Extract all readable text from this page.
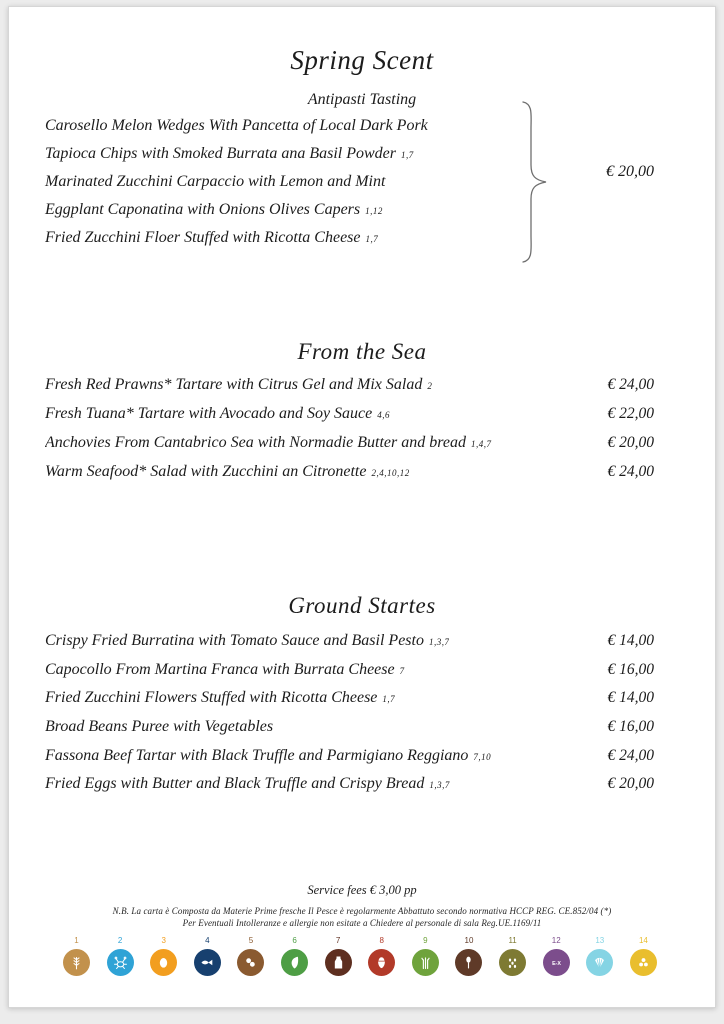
Spring Scent
Antipasti Tasting
Carosello Melon Wedges With Pancetta of Local Dark Pork
Tapioca Chips with Smoked Burrata ana Basil Powder 1,7
Marinated Zucchini Carpaccio with Lemon and Mint
Eggplant Caponatina with Onions Olives Capers 1,12
Fried Zucchini Floer Stuffed with Ricotta Cheese 1,7
€ 20,00
From the Sea
Fresh Red Prawns* Tartare with Citrus Gel and Mix Salad 2	€ 24,00
Fresh Tuana* Tartare with Avocado and Soy Sauce 4,6	€ 22,00
Anchovies From Cantabrico Sea with Normadie Butter and bread 1,4,7	€ 20,00
Warm Seafood* Salad with Zucchini an Citronette 2,4,10,12	€ 24,00
Ground Startes
Crispy Fried Burratina with Tomato Sauce and Basil Pesto 1,3,7	€ 14,00
Capocollo From Martina Franca with Burrata Cheese 7	€ 16,00
Fried Zucchini Flowers Stuffed with Ricotta Cheese 1,7	€ 14,00
Broad Beans Puree with Vegetables	€ 16,00
Fassona Beef Tartar with Black Truffle and Parmigiano Reggiano 7,10	€ 24,00
Fried Eggs with Butter and Black Truffle and Crispy Bread 1,3,7	€ 20,00
Service fees € 3,00 pp
N.B. La carta è Composta da Materie Prime fresche Il Pesce è regolarmente Abbattuto secondo normativa HCCP REG. CE.852/04 (*)
Per Eventuali Intolleranze e allergie non esitate a Chiedere al personale di sala Reg.UE.1169/11
1	2	3	4	5	6	7	8	9	10	11	12
E-X
13	14
